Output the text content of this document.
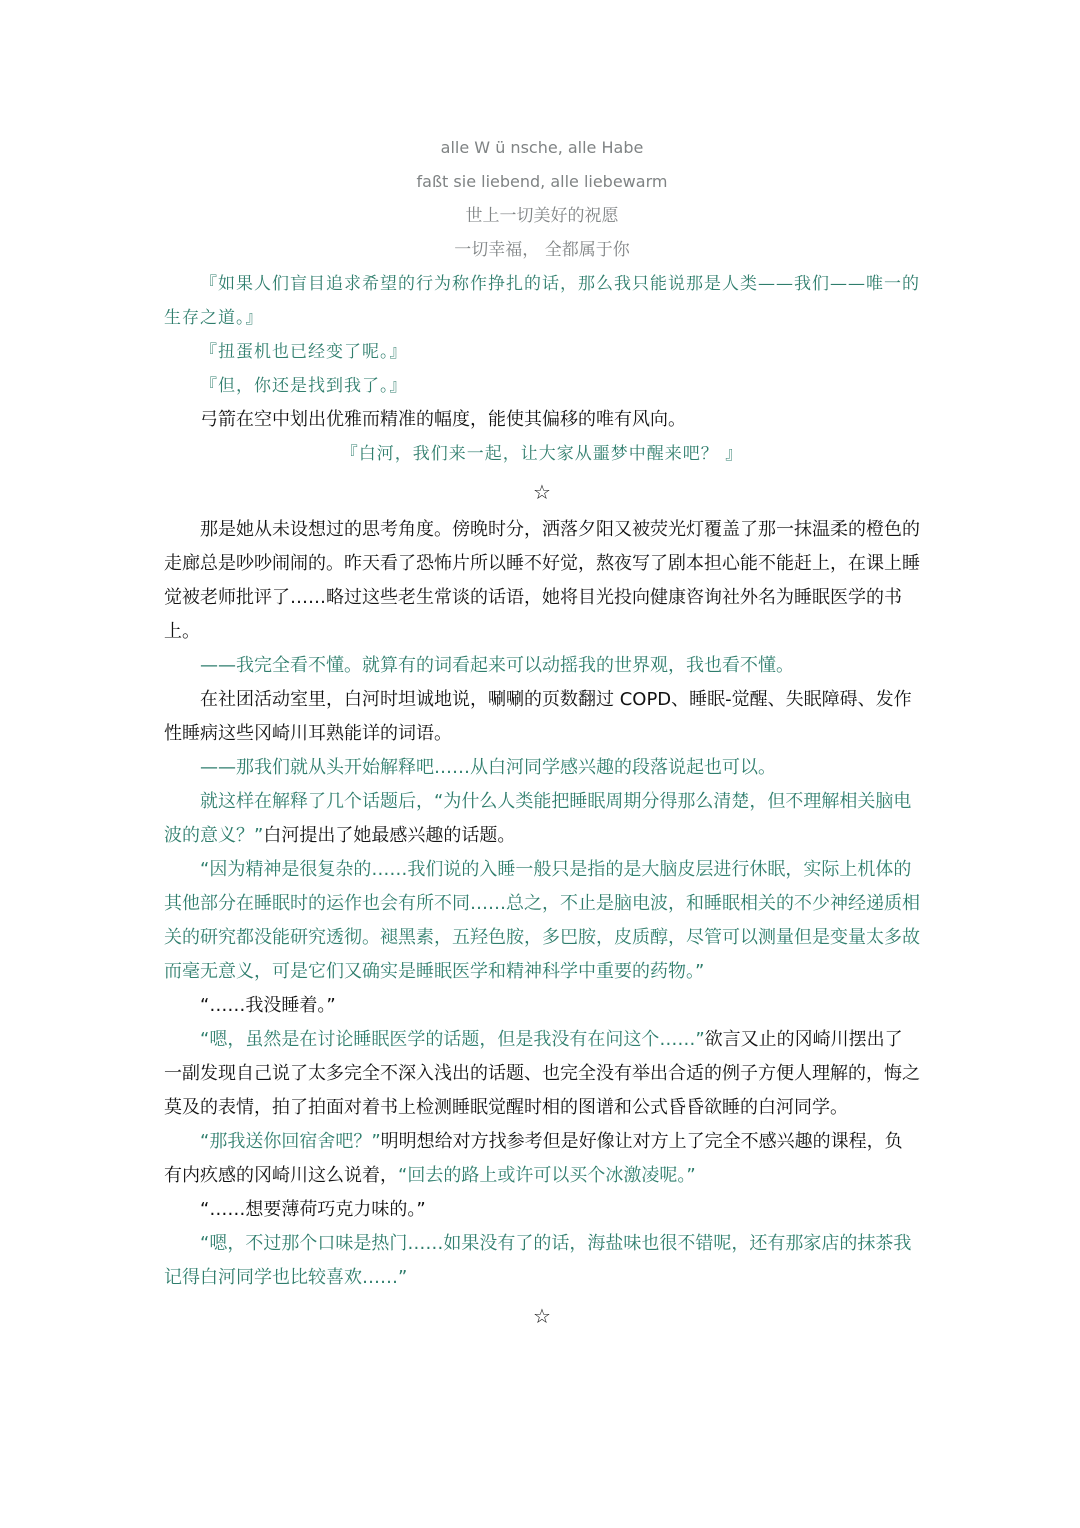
alle W ü nsche, alle Habe

faßt sie liebend, alle liebewarm

世上一切美好的祝愿

一切幸福， 全都属于你

『如果人们盲目追求希望的行为称作挣扎的话，那么我只能说那是人类——我们——唯一的生存之道。』

『扭蛋机也已经变了呢。』

『但，你还是找到我了。』

弓箭在空中划出优雅而精准的幅度，能使其偏移的唯有风向。

『白河，我们来一起，让大家从噩梦中醒来吧？ 』

☆

那是她从未设想过的思考角度。傍晚时分，洒落夕阳又被荧光灯覆盖了那一抹温柔的橙色的走廊总是吵吵闹闹的。昨天看了恐怖片所以睡不好觉，熬夜写了剧本担心能不能赶上，在课上睡觉被老师批评了……略过这些老生常谈的话语，她将目光投向健康咨询社外名为睡眠医学的书上。

——我完全看不懂。就算有的词看起来可以动摇我的世界观，我也看不懂。

在社团活动室里，白河时坦诚地说，唰唰的页数翻过 COPD、睡眠-觉醒、失眠障碍、发作性睡病这些冈崎川耳熟能详的词语。

——那我们就从头开始解释吧……从白河同学感兴趣的段落说起也可以。

就这样在解释了几个话题后，“为什么人类能把睡眠周期分得那么清楚，但不理解相关脑电波的意义？”白河提出了她最感兴趣的话题。

“因为精神是很复杂的……我们说的入睡一般只是指的是大脑皮层进行休眠，实际上机体的其他部分在睡眠时的运作也会有所不同……总之，不止是脑电波，和睡眠相关的不少神经递质相关的研究都没能研究透彻。褪黑素，五羟色胺，多巴胺，皮质醇，尽管可以测量但是变量太多故而毫无意义，可是它们又确实是睡眠医学和精神科学中重要的药物。”

“……我没睡着。”

“嗯，虽然是在讨论睡眠医学的话题，但是我没有在问这个……”欲言又止的冈崎川摆出了一副发现自己说了太多完全不深入浅出的话题、也完全没有举出合适的例子方便人理解的，悔之莫及的表情，拍了拍面对着书上检测睡眠觉醒时相的图谱和公式昏昏欲睡的白河同学。

“那我送你回宿舍吧？”明明想给对方找参考但是好像让对方上了完全不感兴趣的课程，负有内疚感的冈崎川这么说着，“回去的路上或许可以买个冰激凌呢。”

“……想要薄荷巧克力味的。”

“嗯，不过那个口味是热门……如果没有了的话，海盐味也很不错呢，还有那家店的抹茶我记得白河同学也比较喜欢……”

☆
